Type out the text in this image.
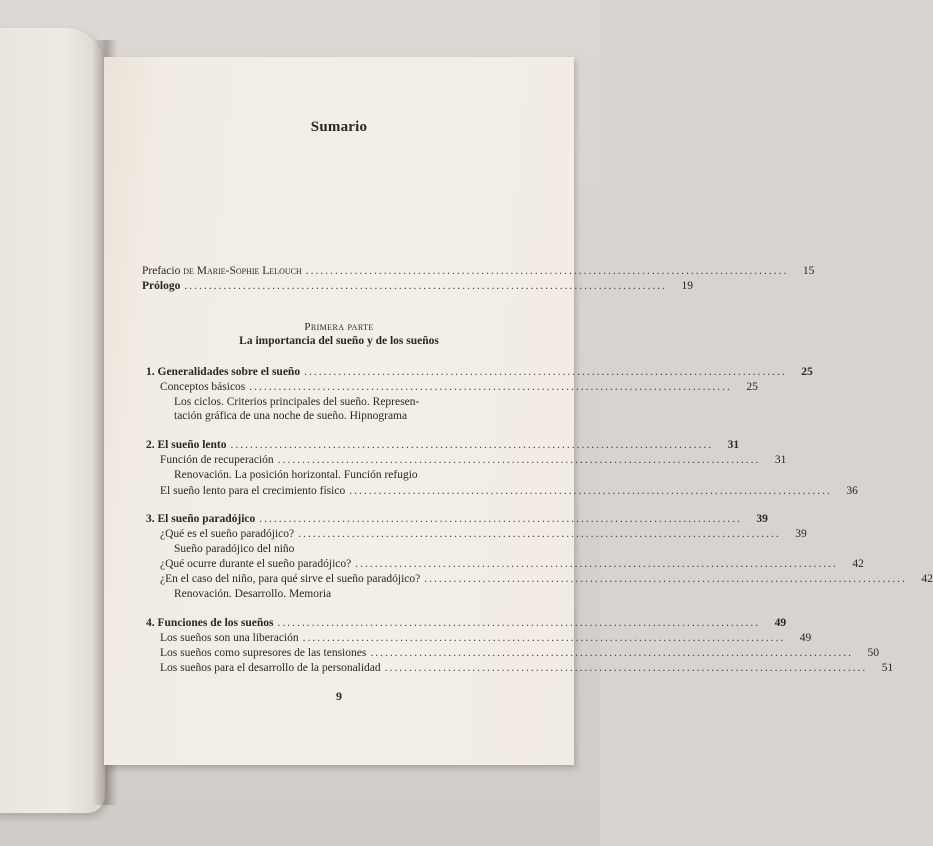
Sumario
Prefacio de Marie-Sophie Lelouch ...................................................................................................	15
Prólogo ...................................................................................................	19
Primera parte
La importancia del sueño y de los sueños
1. Generalidades sobre el sueño ...................................................................................................	25
Conceptos básicos ...................................................................................................	25
Los ciclos. Criterios principales del sueño. Represen-
tación gráfica de una noche de sueño. Hipnograma
2. El sueño lento ...................................................................................................	31
Función de recuperación ...................................................................................................	31
Renovación. La posición horizontal. Función refugio
El sueño lento para el crecimiento físico ...................................................................................................	36
3. El sueño paradójico ...................................................................................................	39
¿Qué es el sueño paradójico? ...................................................................................................	39
Sueño paradójico del niño
¿Qué ocurre durante el sueño paradójico? ...................................................................................................	42
¿En el caso del niño, para qué sirve el sueño paradójico? ...................................................................................................	42
Renovación. Desarrollo. Memoria
4. Funciones de los sueños ...................................................................................................	49
Los sueños son una liberación ...................................................................................................	49
Los sueños como supresores de las tensiones ...................................................................................................	50
Los sueños para el desarrollo de la personalidad ...................................................................................................	51
9
